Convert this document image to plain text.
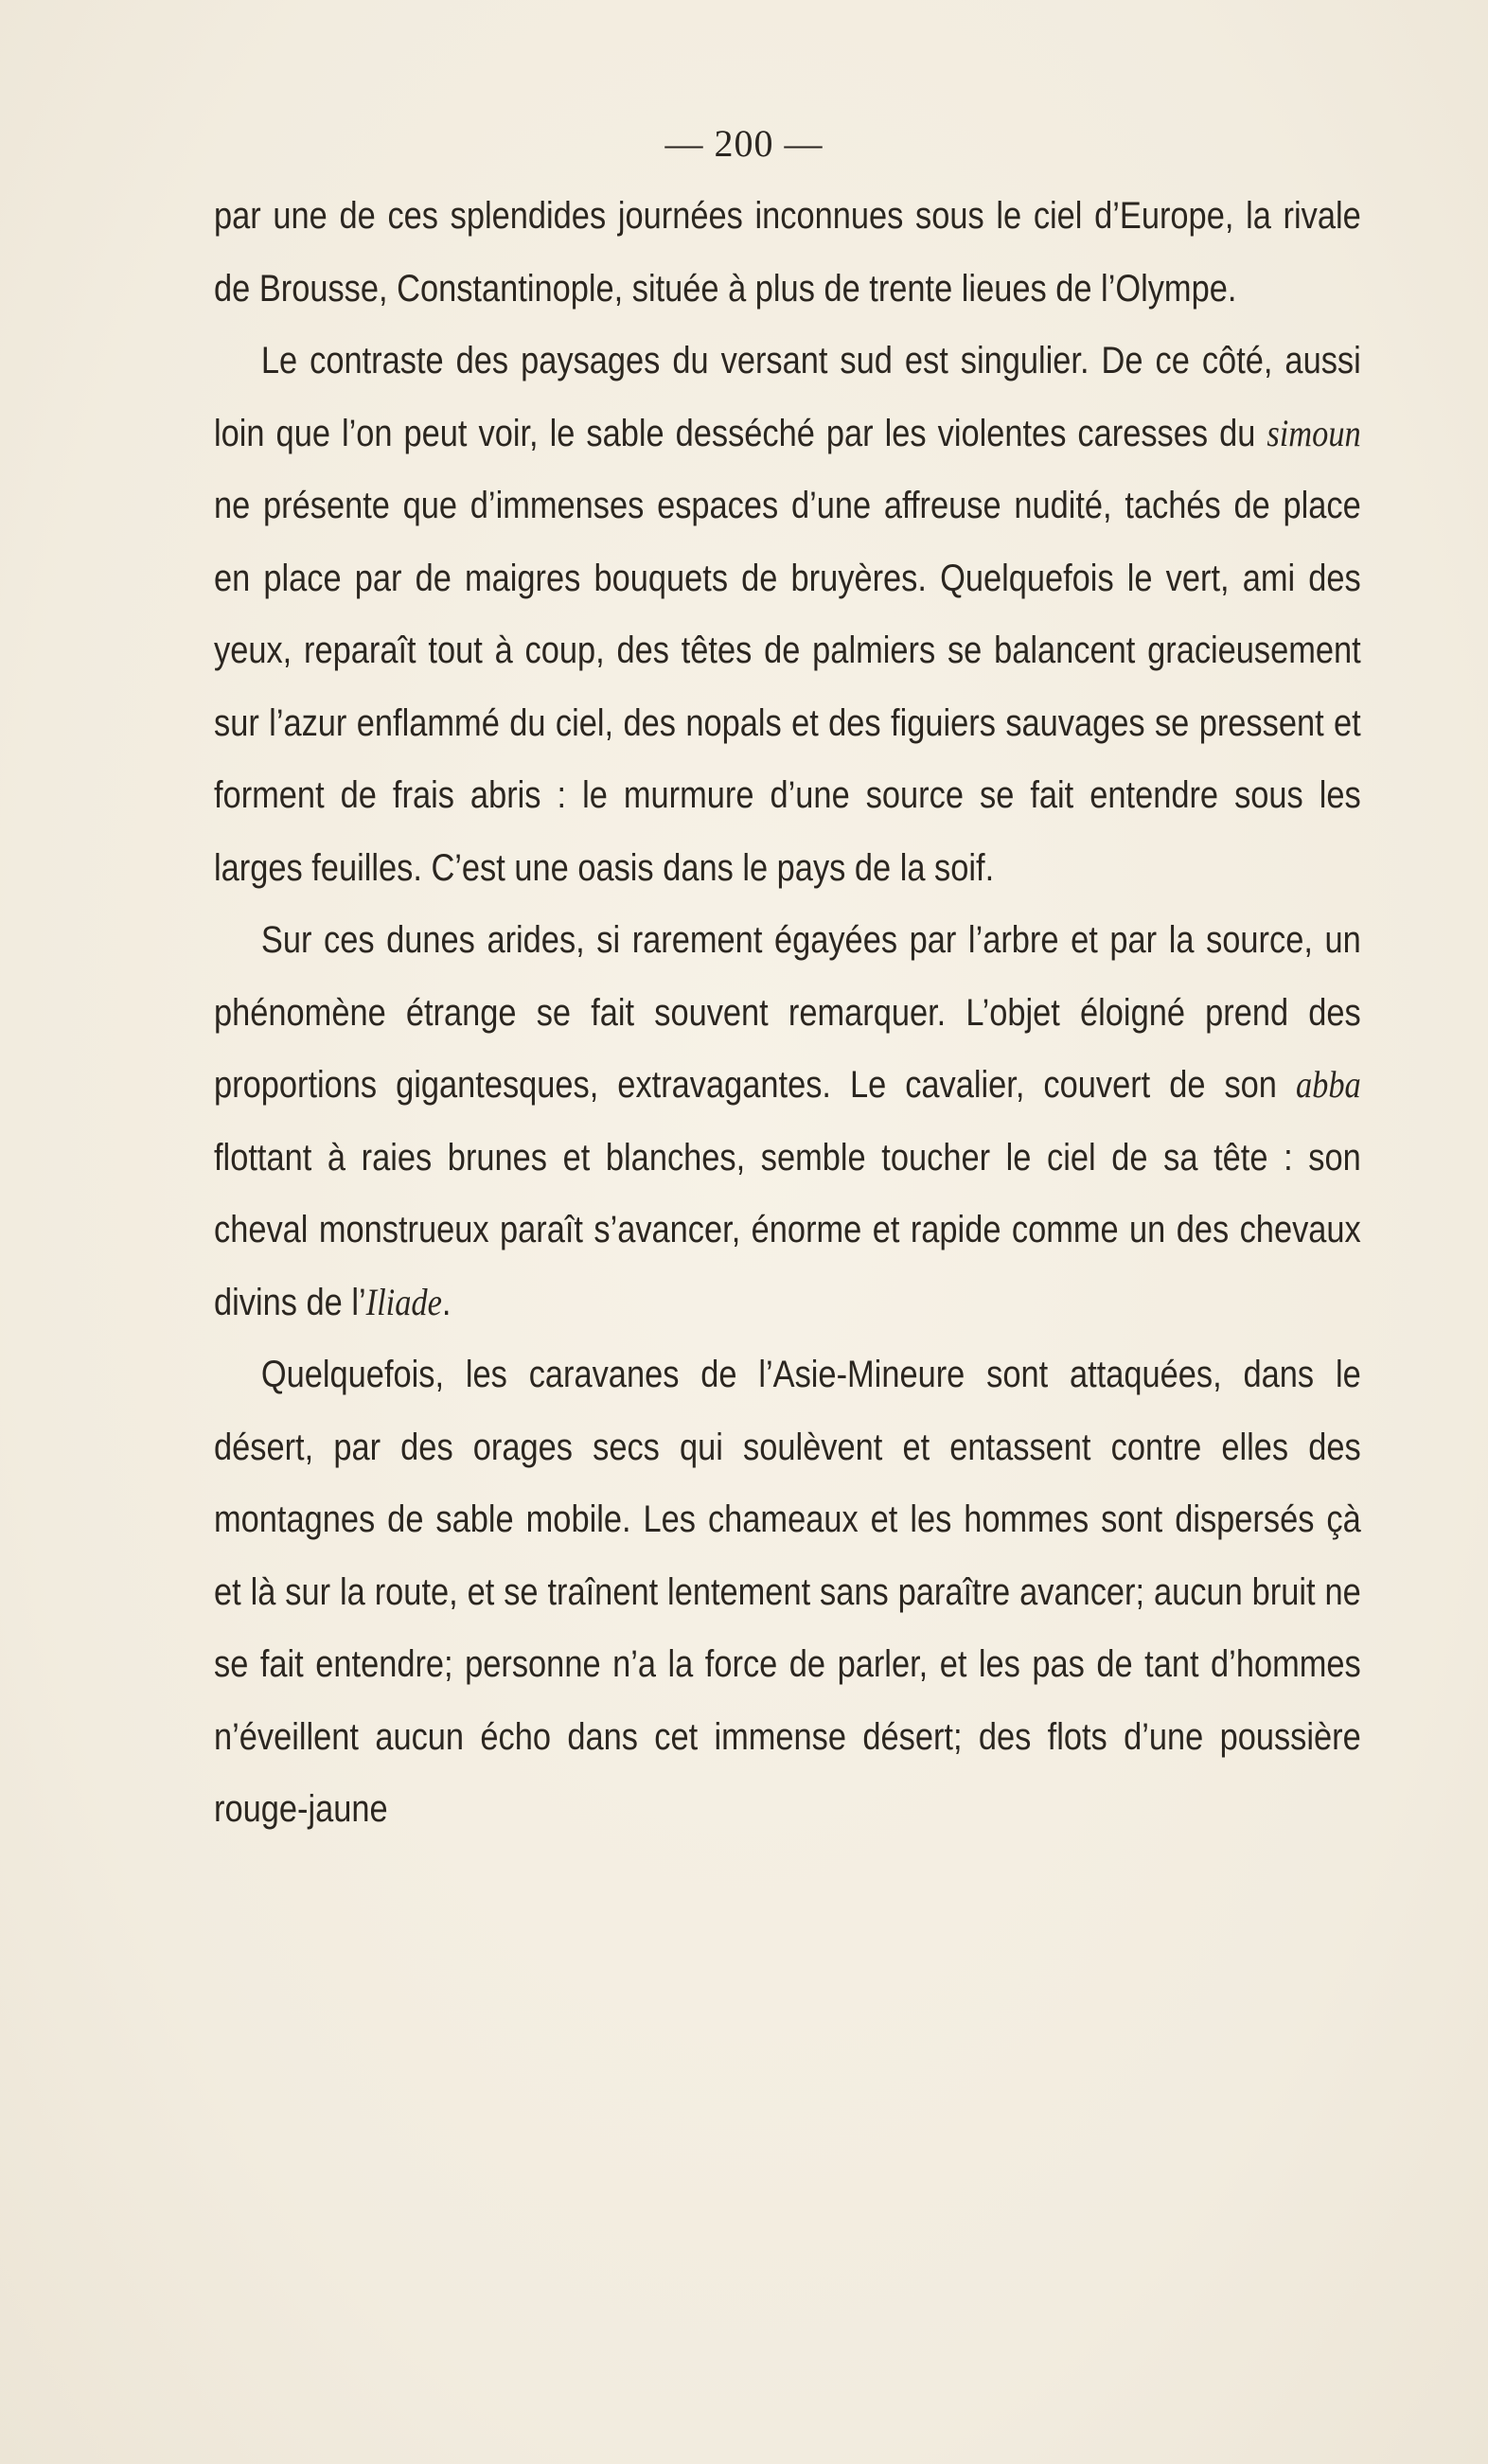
— 200 —

par une de ces splendides journées inconnues sous le ciel d’Europe, la rivale de Brousse, Constantinople, située à plus de trente lieues de l’Olympe.

Le contraste des paysages du versant sud est singulier. De ce côté, aussi loin que l’on peut voir, le sable desséché par les violentes caresses du simoun ne présente que d’immenses espaces d’une affreuse nudité, tachés de place en place par de maigres bouquets de bruyères. Quelquefois le vert, ami des yeux, reparaît tout à coup, des têtes de palmiers se balancent gracieusement sur l’azur enflammé du ciel, des nopals et des figuiers sauvages se pressent et forment de frais abris : le murmure d’une source se fait entendre sous les larges feuilles. C’est une oasis dans le pays de la soif.

Sur ces dunes arides, si rarement égayées par l’arbre et par la source, un phénomène étrange se fait souvent remarquer. L’objet éloigné prend des proportions gigantesques, extravagantes. Le cavalier, couvert de son abba flottant à raies brunes et blanches, semble toucher le ciel de sa tête : son cheval monstrueux paraît s’avancer, énorme et rapide comme un des chevaux divins de l’Iliade.

Quelquefois, les caravanes de l’Asie-Mineure sont attaquées, dans le désert, par des orages secs qui soulèvent et entassent contre elles des montagnes de sable mobile. Les chameaux et les hommes sont dispersés çà et là sur la route, et se traînent lentement sans paraître avancer; aucun bruit ne se fait entendre; personne n’a la force de parler, et les pas de tant d’hommes n’éveillent aucun écho dans cet immense désert; des flots d’une poussière rouge-jaune
